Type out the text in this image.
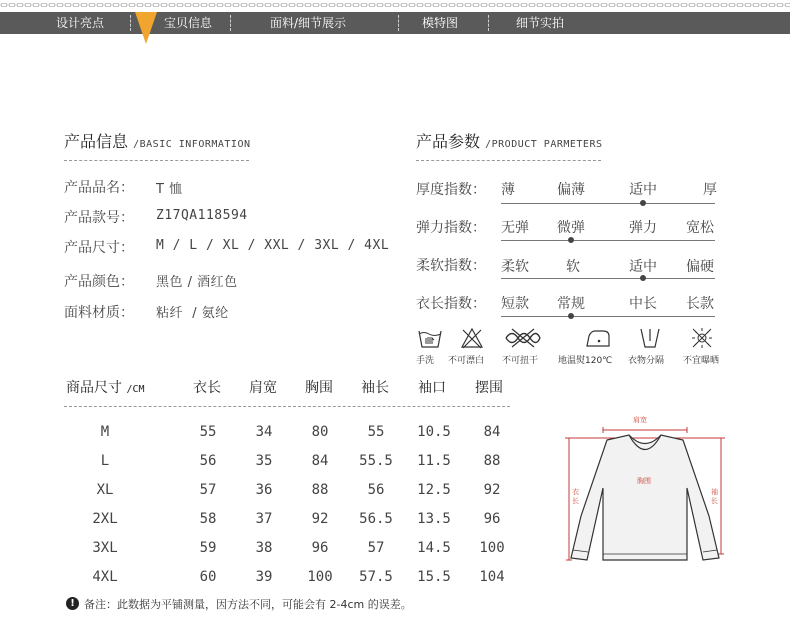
设计亮点	宝贝信息	面料/细节展示	模特图	细节实拍
产品信息 /BASIC INFORMATION
产品品名： T 恤
产品款号： Z17QA118594
产品尺寸： M / L / XL / XXL / 3XL / 4XL
产品颜色： 黑色 / 酒红色
面料材质： 粘纤  / 氨纶
产品参数 /PRODUCT PARMETERS
厚度指数： 薄	偏薄	适中	厚
弹力指数： 无弹 微弹	弹力 宽松
柔软指数： 柔软	软	适中 偏硬
衣长指数： 短款 常规	中长 长款
手洗 不可漂白 不可扭干 地温熨120℃ 衣物分隔 不宜曝晒
商品尺寸 /CM	衣长 肩宽 胸围 袖长 袖口 摆围
M	55	34	80	55	10.5	84
L	56	35	84	55.5	11.5	88
XL	57	36	88	56	12.5	92
2XL	58	37	92	56.5	13.5	96
3XL	59	38	96	57	14.5	100
4XL	60	39	100	57.5	15.5	104
肩宽
胸围
衣长
袖长
! 备注：此数据为平铺测量，因方法不同，可能会有 2-4cm 的误差。
